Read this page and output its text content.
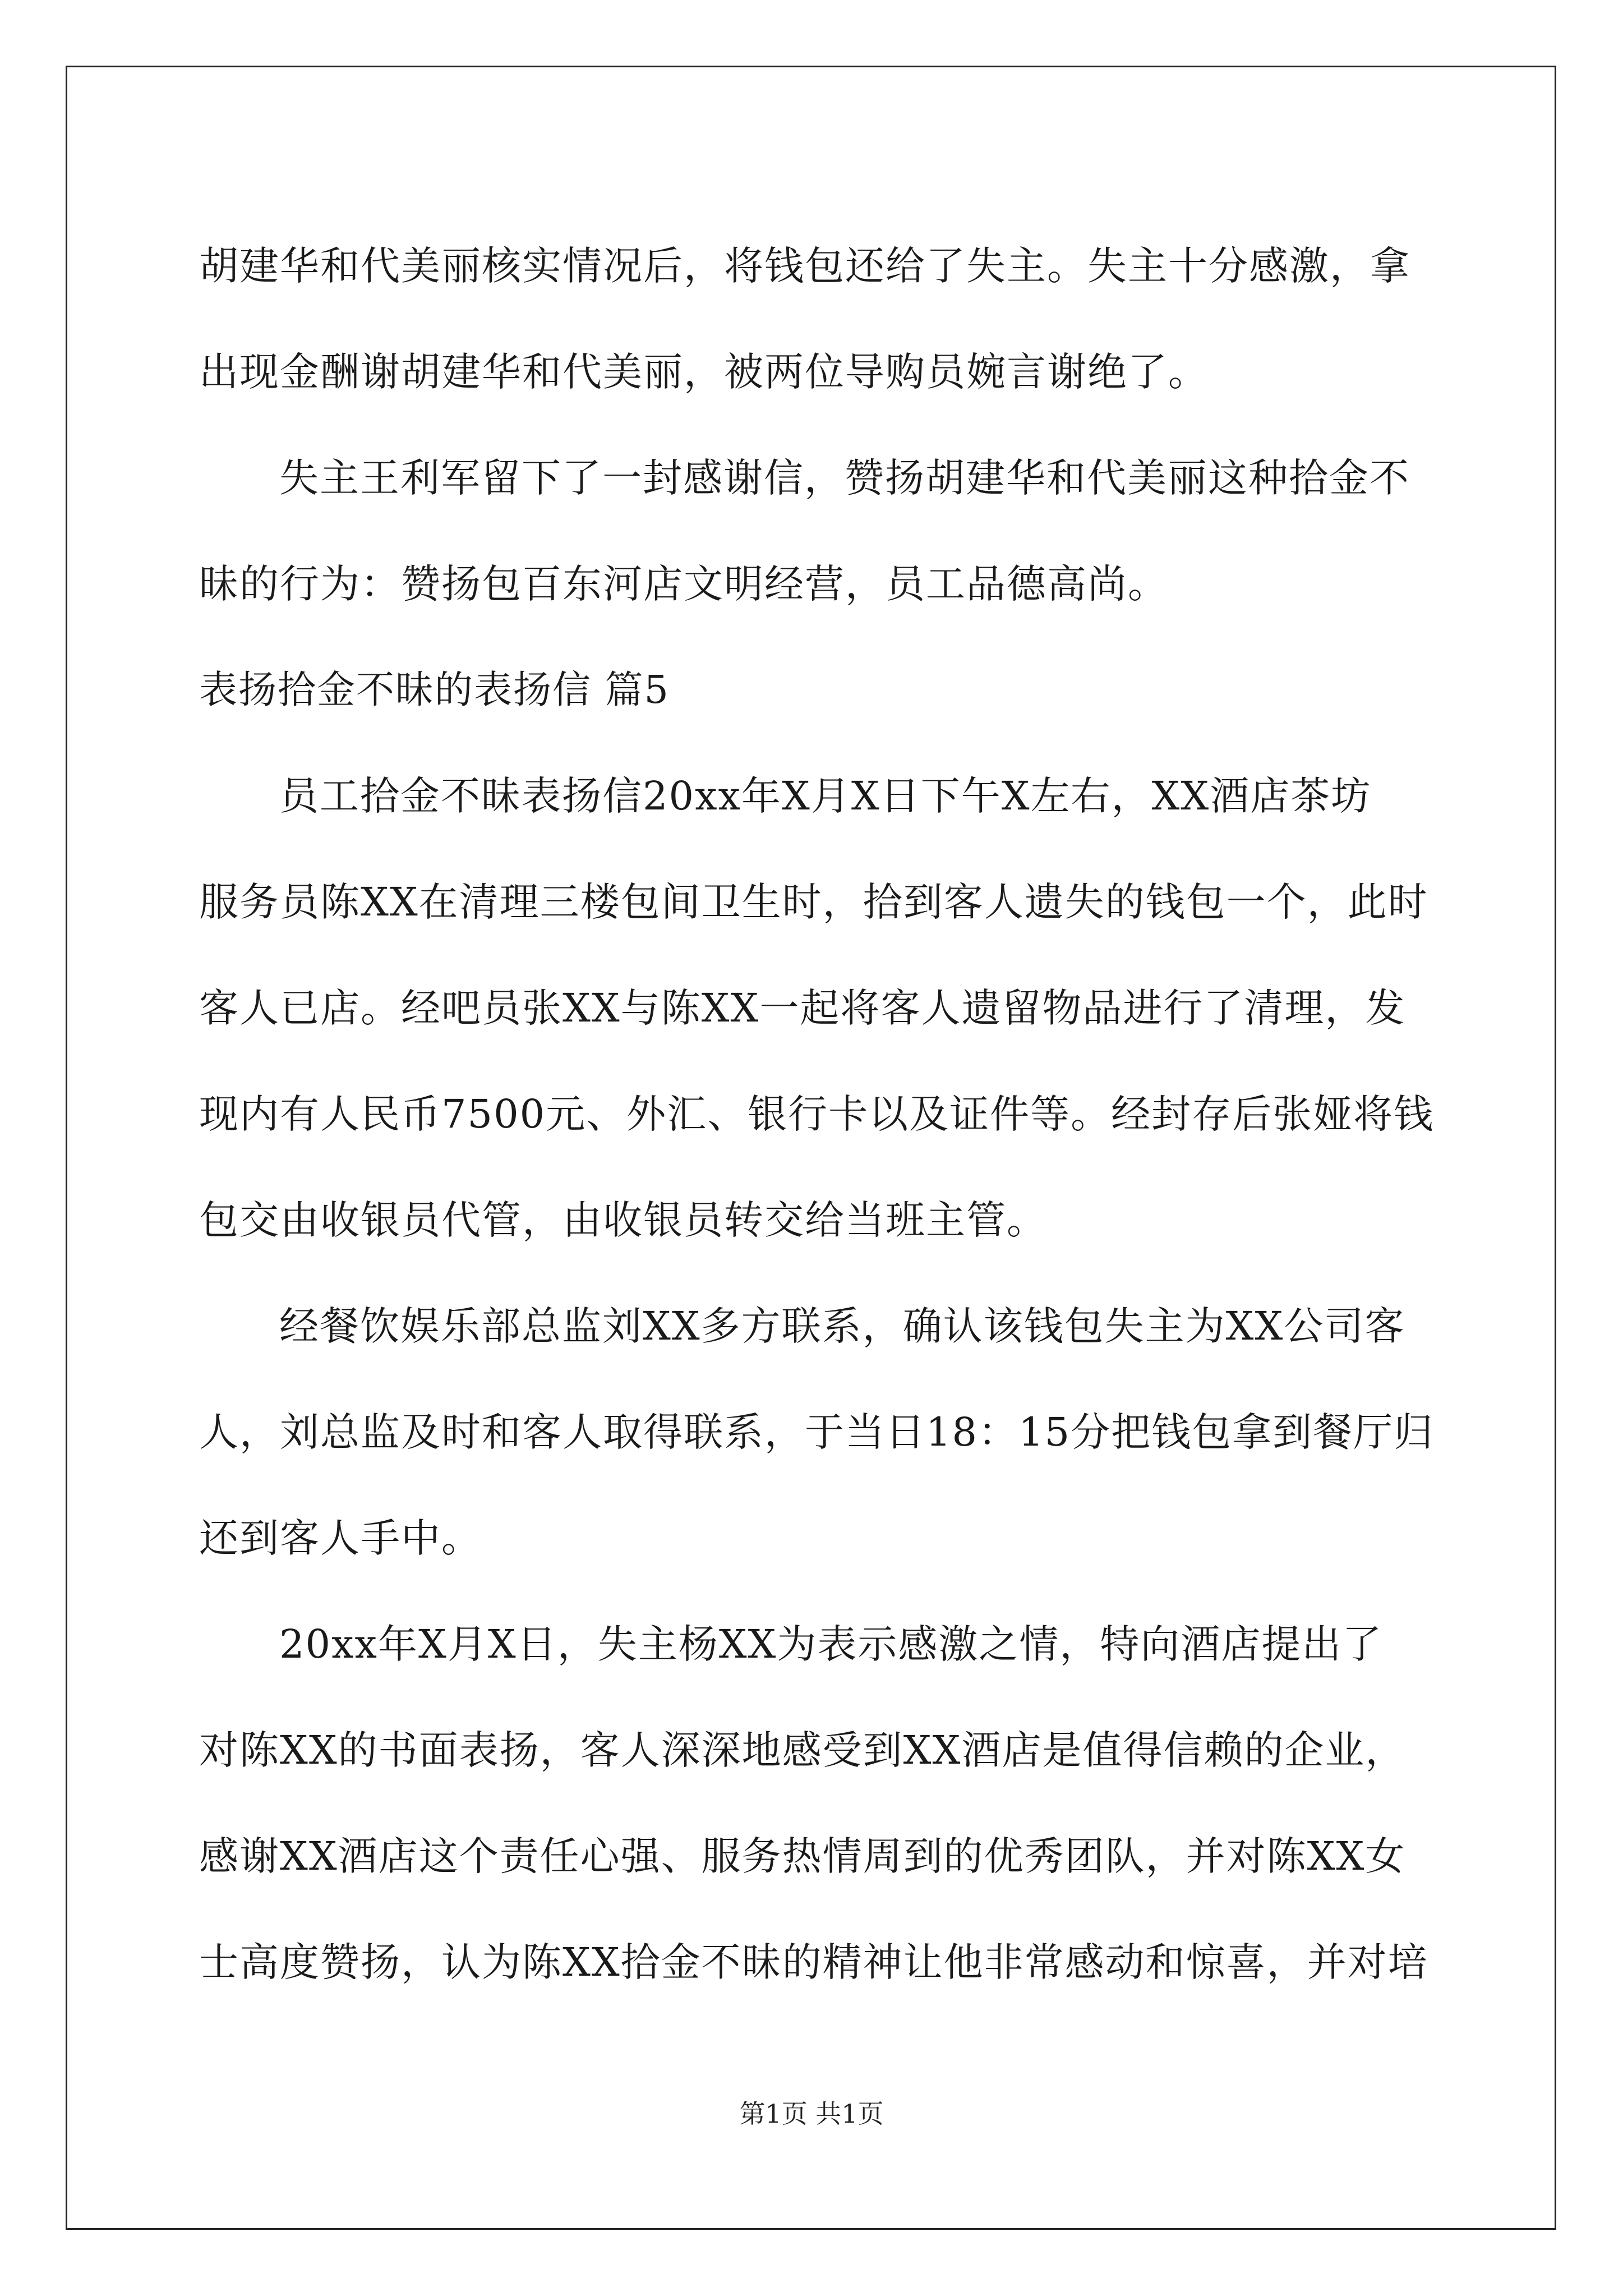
胡建华和代美丽核实情况后，将钱包还给了失主。失主十分感激，拿
出现金酬谢胡建华和代美丽，被两位导购员婉言谢绝了。
失主王利军留下了一封感谢信，赞扬胡建华和代美丽这种拾金不
昧的行为：赞扬包百东河店文明经营，员工品德高尚。
表扬拾金不昧的表扬信 篇5
员工拾金不昧表扬信20xx年X月X日下午X左右，XX酒店茶坊
服务员陈XX在清理三楼包间卫生时，拾到客人遗失的钱包一个，此时
客人已店。经吧员张XX与陈XX一起将客人遗留物品进行了清理，发
现内有人民币7500元、外汇、银行卡以及证件等。经封存后张娅将钱
包交由收银员代管，由收银员转交给当班主管。
经餐饮娱乐部总监刘XX多方联系，确认该钱包失主为XX公司客
人，刘总监及时和客人取得联系，于当日18：15分把钱包拿到餐厅归
还到客人手中。
20xx年X月X日，失主杨XX为表示感激之情，特向酒店提出了
对陈XX的书面表扬，客人深深地感受到XX酒店是值得信赖的企业，
感谢XX酒店这个责任心强、服务热情周到的优秀团队，并对陈XX女
士高度赞扬，认为陈XX拾金不昧的精神让他非常感动和惊喜，并对培
第1页 共1页
